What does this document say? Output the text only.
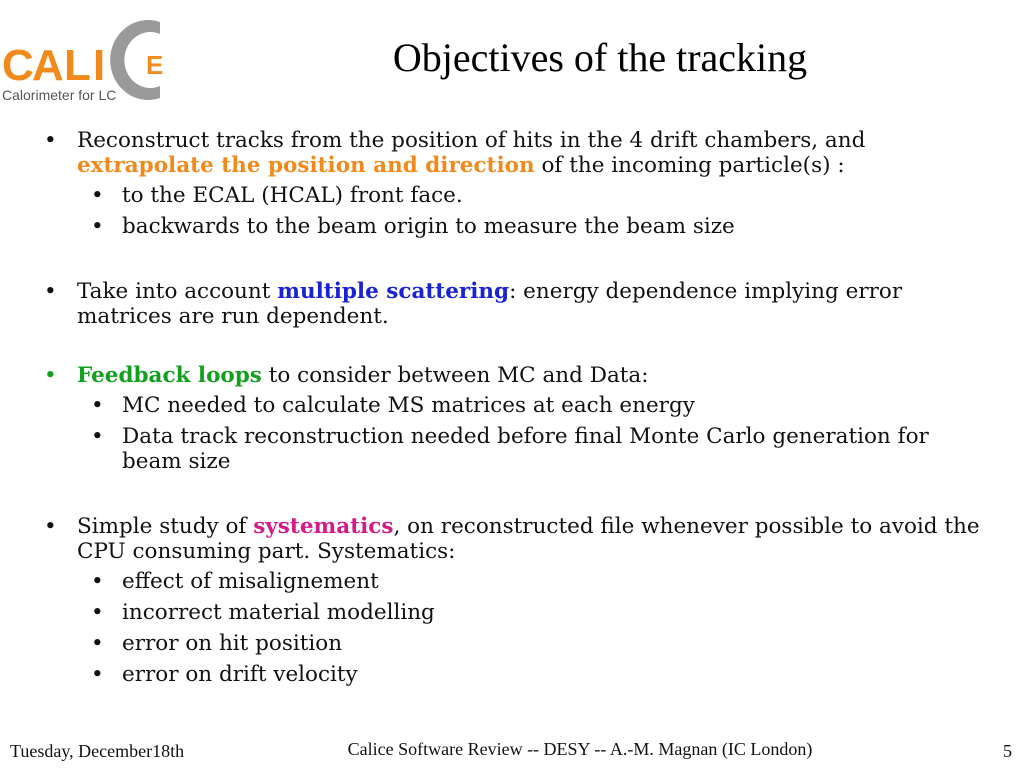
C
A L I E
Calorimeter for LC
Objectives of the tracking
• Reconstruct tracks from the position of hits in the 4 drift chambers, and extrapolate the position and direction of the incoming particle(s) :
• to the ECAL (HCAL) front face.
• backwards to the beam origin to measure the beam size
• Take into account multiple scattering: energy dependence implying error matrices are run dependent.
• Feedback loops to consider between MC and Data:
• MC needed to calculate MS matrices at each energy
• Data track reconstruction needed before final Monte Carlo generation for beam size
• Simple study of systematics, on reconstructed file whenever possible to avoid the CPU consuming part. Systematics:
• effect of misalignement
• incorrect material modelling
• error on hit position
• error on drift velocity
Tuesday, December18th	Calice Software Review -- DESY -- A.-M. Magnan (IC London)	5
